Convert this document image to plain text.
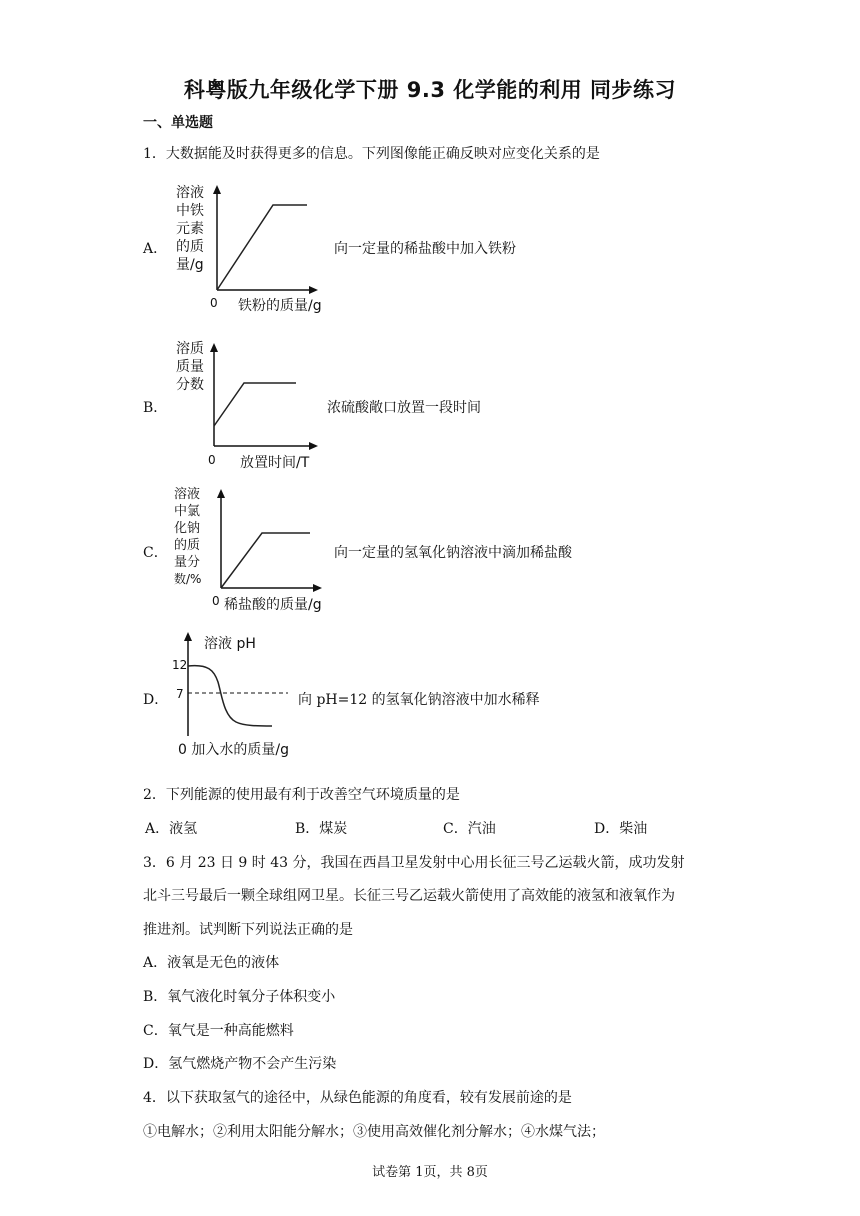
科粤版九年级化学下册 9.3 化学能的利用 同步练习
一、单选题
1．大数据能及时获得更多的信息。下列图像能正确反映对应变化关系的是
A．
溶液
中铁
元素
的质
量/g
0 铁粉的质量/g
向一定量的稀盐酸中加入铁粉
B．
溶质
质量
分数
0 放置时间/T
浓硫酸敞口放置一段时间
C．
溶液
中氯
化钠
的质
量分
数/%
0 稀盐酸的质量/g
向一定量的氢氧化钠溶液中滴加稀盐酸
D．
溶液 pH
12
7
0 加入水的质量/g
向 pH=12 的氢氧化钠溶液中加水稀释
2．下列能源的使用最有利于改善空气环境质量的是
A．液氢	B．煤炭	C．汽油	D．柴油
3．6 月 23 日 9 时 43 分，我国在西昌卫星发射中心用长征三号乙运载火箭，成功发射
北斗三号最后一颗全球组网卫星。长征三号乙运载火箭使用了高效能的液氢和液氧作为
推进剂。试判断下列说法正确的是
A．液氧是无色的液体
B．氧气液化时氧分子体积变小
C．氧气是一种高能燃料
D．氢气燃烧产物不会产生污染
4．以下获取氢气的途径中，从绿色能源的角度看，较有发展前途的是
①电解水；②利用太阳能分解水；③使用高效催化剂分解水；④水煤气法；
试卷第 1页，共 8页
